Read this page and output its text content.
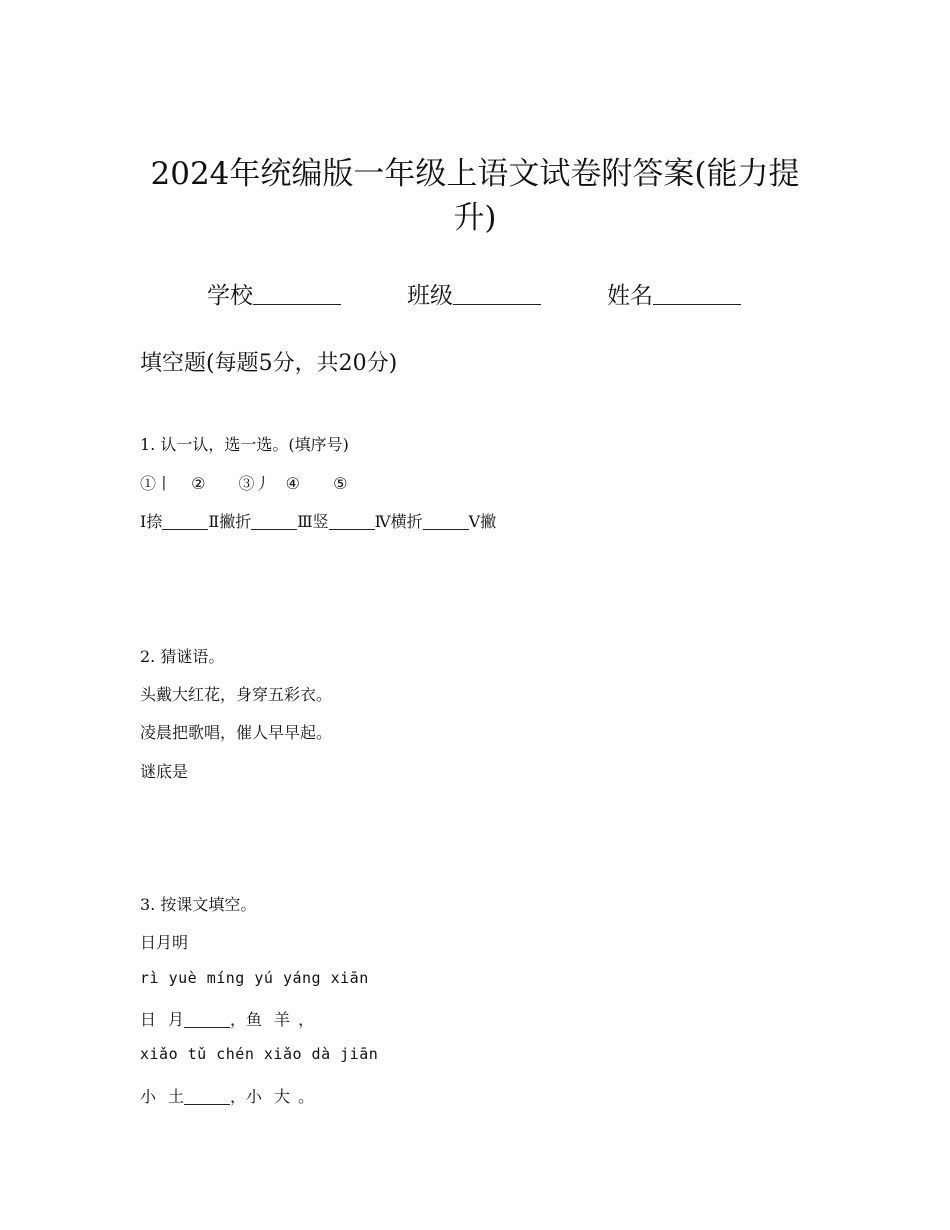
2024年统编版一年级上语文试卷附答案(能力提
升)
学校	班级	姓名
填空题(每题5分，共20分)
1. 认一认，选一选。(填序号)
①丨 ② ③丿 ④ ⑤
Ⅰ捺	Ⅱ撇折	Ⅲ竖	Ⅳ横折	Ⅴ撇
2. 猜谜语。
头戴大红花，身穿五彩衣。
凌晨把歌唱，催人早早起。
谜底是
3. 按课文填空。
日月明
rì yuè míng yú yáng xiān
日 月	，鱼 羊 ，
xiǎo tǔ chén xiǎo dà jiān
小 土	，小 大 。
